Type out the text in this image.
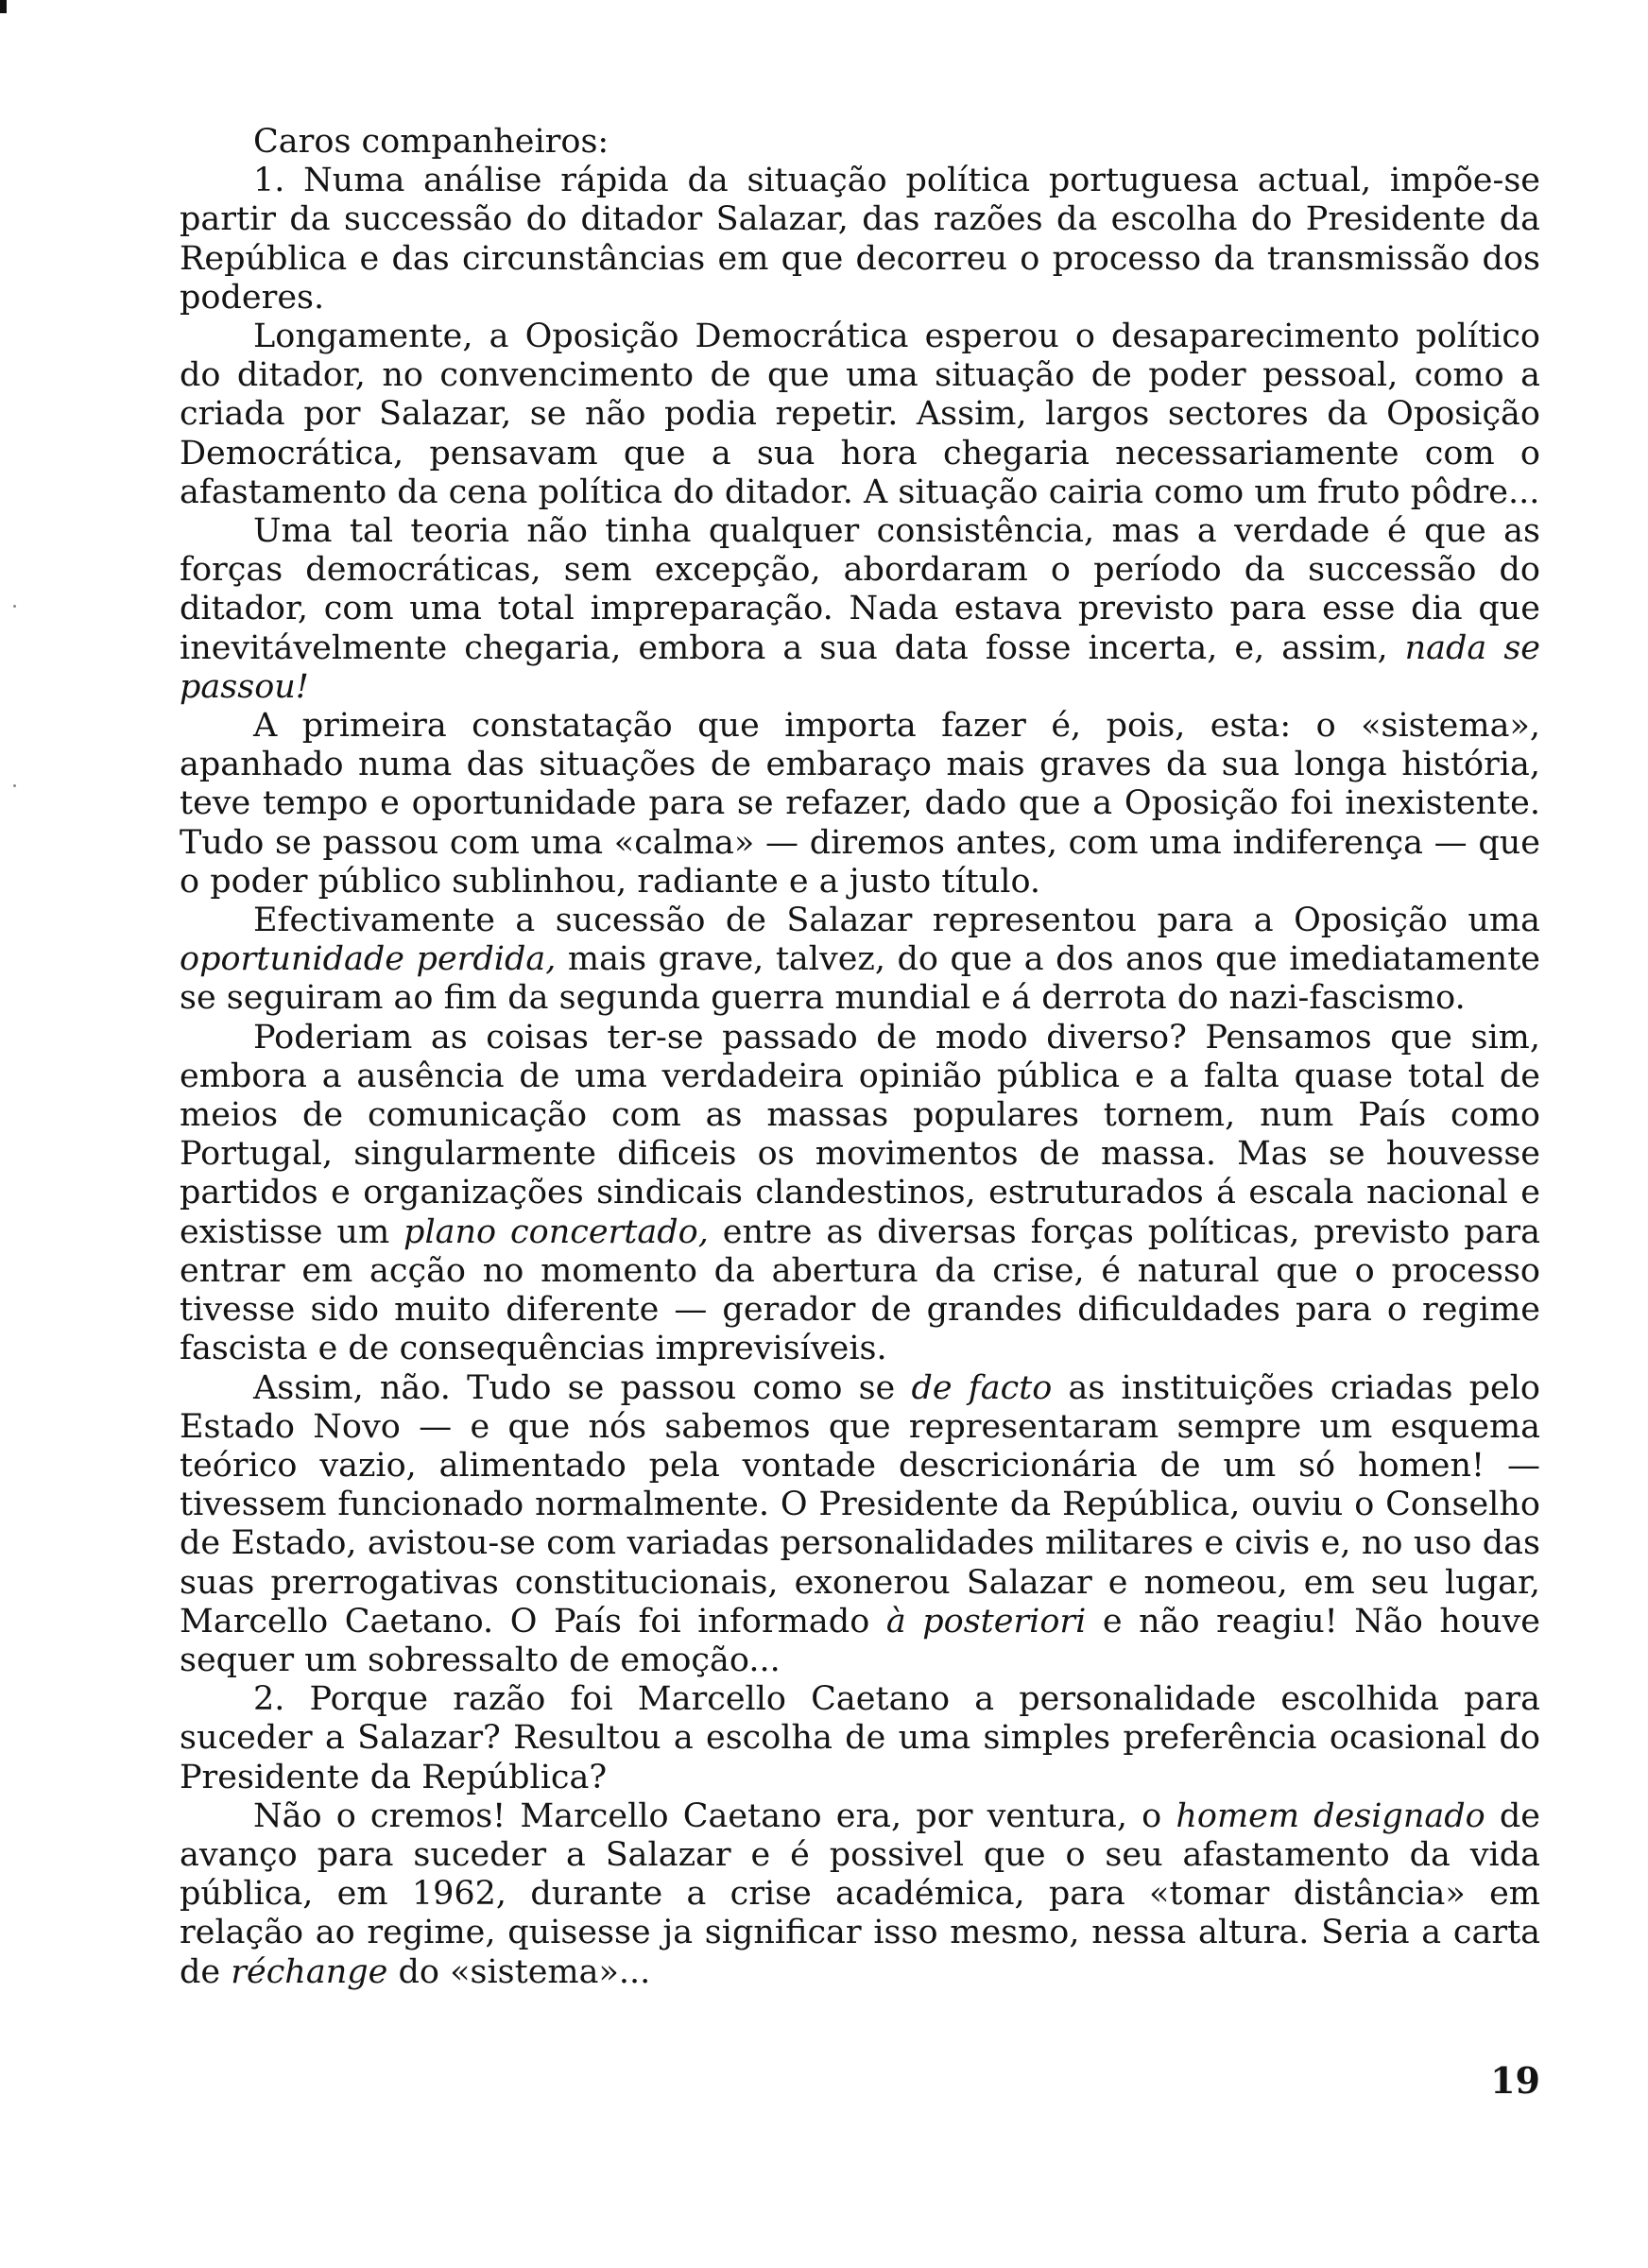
Caros companheiros:

1. Numa análise rápida da situação política portuguesa actual, impõe-se partir da successão do ditador Salazar, das razões da escolha do Presidente da República e das circunstâncias em que decorreu o processo da transmissão dos poderes.

Longamente, a Oposição Democrática esperou o desaparecimento político do ditador, no convencimento de que uma situação de poder pessoal, como a criada por Salazar, se não podia repetir. Assim, largos sectores da Oposição Democrática, pensavam que a sua hora chegaria necessariamente com o afastamento da cena política do ditador. A situação cairia como um fruto pôdre...

Uma tal teoria não tinha qualquer consistência, mas a verdade é que as forças democráticas, sem excepção, abordaram o período da successão do ditador, com uma total impreparação. Nada estava previsto para esse dia que inevitávelmente chegaria, embora a sua data fosse incerta, e, assim, nada se passou!

A primeira constatação que importa fazer é, pois, esta: o «sistema», apanhado numa das situações de embaraço mais graves da sua longa história, teve tempo e oportunidade para se refazer, dado que a Oposição foi inexistente. Tudo se passou com uma «calma» — diremos antes, com uma indiferença — que o poder público sublinhou, radiante e a justo título.

Efectivamente a sucessão de Salazar representou para a Oposição uma oportunidade perdida, mais grave, talvez, do que a dos anos que imediatamente se seguiram ao fim da segunda guerra mundial e á derrota do nazi-fascismo.

Poderiam as coisas ter-se passado de modo diverso? Pensamos que sim, embora a ausência de uma verdadeira opinião pública e a falta quase total de meios de comunicação com as massas populares tornem, num País como Portugal, singularmente dificeis os movimentos de massa. Mas se houvesse partidos e organizações sindicais clandestinos, estruturados á escala nacional e existisse um plano concertado, entre as diversas forças políticas, previsto para entrar em acção no momento da abertura da crise, é natural que o processo tivesse sido muito diferente — gerador de grandes dificuldades para o regime fascista e de consequências imprevisíveis.

Assim, não. Tudo se passou como se de facto as instituições criadas pelo Estado Novo — e que nós sabemos que representaram sempre um esquema teórico vazio, alimentado pela vontade descricionária de um só homen! — tivessem funcionado normalmente. O Presidente da República, ouviu o Conselho de Estado, avistou-se com variadas personalidades militares e civis e, no uso das suas prerrogativas constitucionais, exonerou Salazar e nomeou, em seu lugar, Marcello Caetano. O País foi informado à posteriori e não reagiu! Não houve sequer um sobressalto de emoção...

2. Porque razão foi Marcello Caetano a personalidade escolhida para suceder a Salazar? Resultou a escolha de uma simples preferência ocasional do Presidente da República?

Não o cremos! Marcello Caetano era, por ventura, o homem designado de avanço para suceder a Salazar e é possivel que o seu afastamento da vida pública, em 1962, durante a crise académica, para «tomar distância» em relação ao regime, quisesse ja significar isso mesmo, nessa altura. Seria a carta de réchange do «sistema»...

19
